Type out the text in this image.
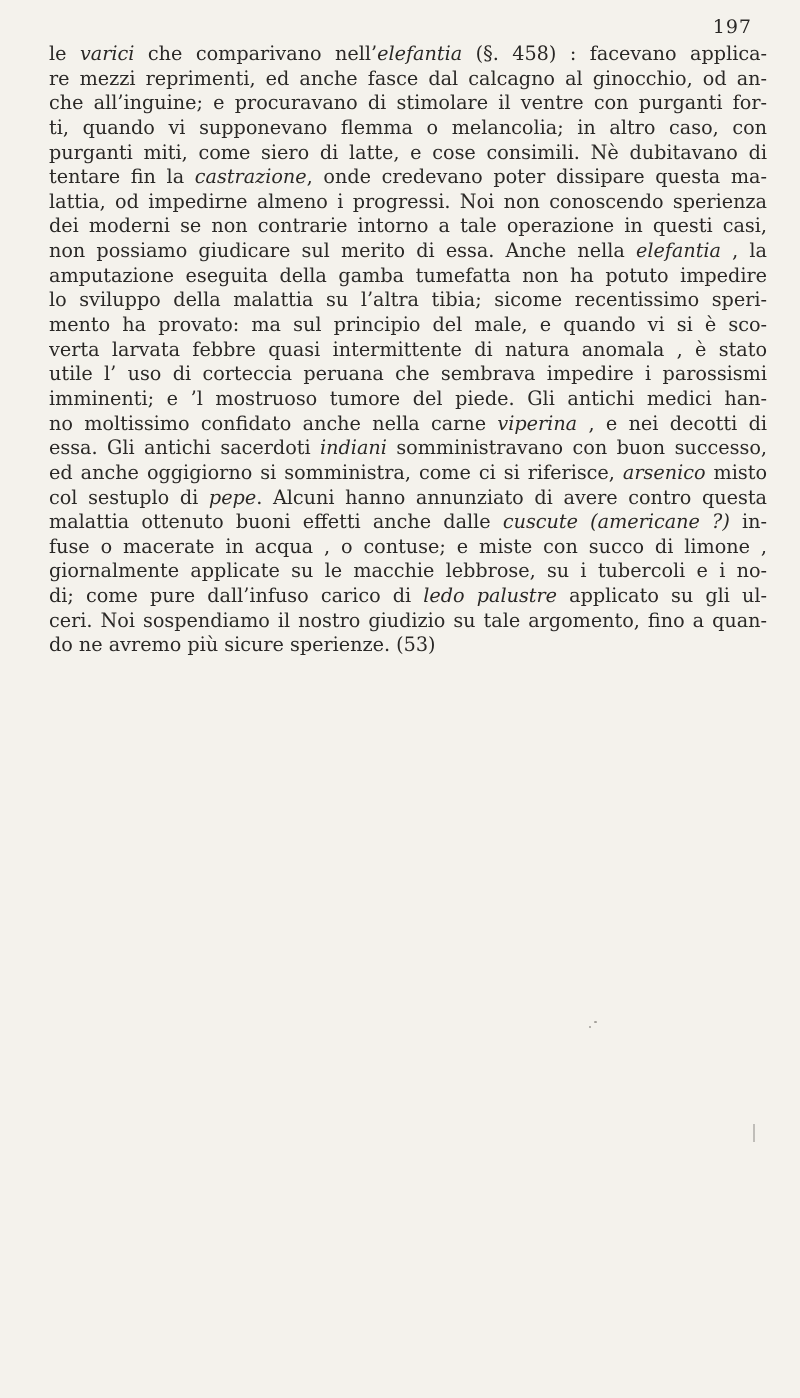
197
le varici che comparivano nell’elefantia (§. 458) : facevano applica-
re mezzi reprimenti, ed anche fasce dal calcagno al ginocchio, od an-
che all’inguine; e procuravano di stimolare il ventre con purganti for-
ti, quando vi supponevano flemma o melancolia; in altro caso, con
purganti miti, come siero di latte, e cose consimili. Nè dubitavano di
tentare fin la castrazione, onde credevano poter dissipare questa ma-
lattia, od impedirne almeno i progressi. Noi non conoscendo sperienza
dei moderni se non contrarie intorno a tale operazione in questi casi,
non possiamo giudicare sul merito di essa. Anche nella elefantia , la
amputazione eseguita della gamba tumefatta non ha potuto impedire
lo sviluppo della malattia su l’altra tibia; sicome recentissimo speri-
mento ha provato: ma sul principio del male, e quando vi si è sco-
verta larvata febbre quasi intermittente di natura anomala , è stato
utile l’ uso di corteccia peruana che sembrava impedire i parossismi
imminenti; e ’l mostruoso tumore del piede. Gli antichi medici han-
no moltissimo confidato anche nella carne viperina , e nei decotti di
essa. Gli antichi sacerdoti indiani somministravano con buon successo,
ed anche oggigiorno si somministra, come ci si riferisce, arsenico misto
col sestuplo di pepe. Alcuni hanno annunziato di avere contro questa
malattia ottenuto buoni effetti anche dalle cuscute (americane ?) in-
fuse o macerate in acqua , o contuse; e miste con succo di limone ,
giornalmente applicate su le macchie lebbrose, su i tubercoli e i no-
di; come pure dall’infuso carico di ledo palustre applicato su gli ul-
ceri. Noi sospendiamo il nostro giudizio su tale argomento, fino a quan-
do ne avremo più sicure sperienze. (53)
